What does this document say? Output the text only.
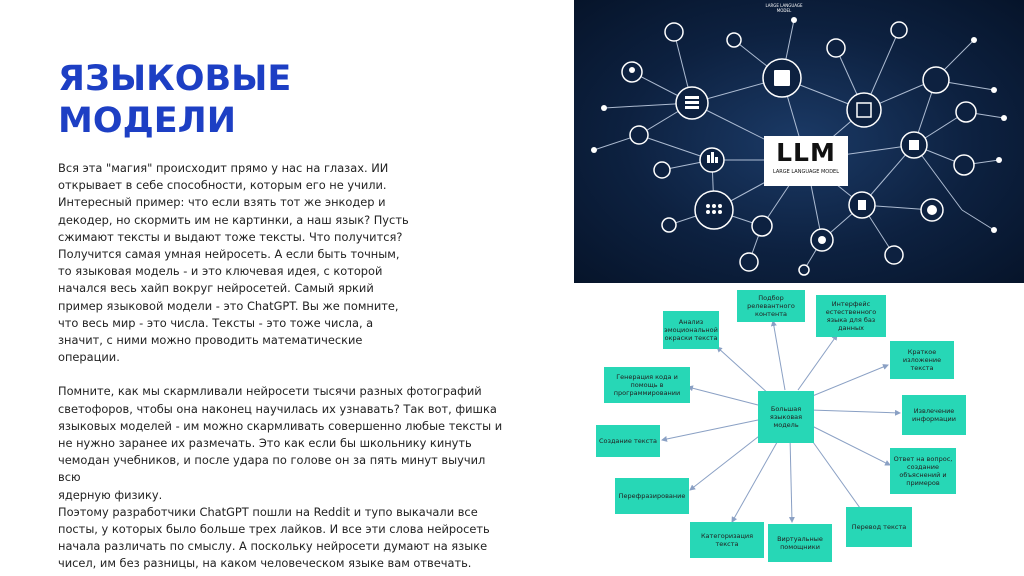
ЯЗЫКОВЫЕ
МОДЕЛИ

Вся эта "магия" происходит прямо у нас на глазах. ИИ
открывает в себе способности, которым его не учили.
Интересный пример: что если взять тот же энкодер и
декодер, но скормить им не картинки, а наш язык? Пусть
сжимают тексты и выдают тоже тексты. Что получится?
Получится самая умная нейросеть. А если быть точным,
то языковая модель - и это ключевая идея, с которой
начался весь хайп вокруг нейросетей. Самый яркий
пример языковой модели - это ChatGPT. Вы же помните,
что весь мир - это числа. Тексты - это тоже числа, а
значит, с ними можно проводить математические
операции.

Помните, как мы скармливали нейросети тысячи разных фотографий
светофоров, чтобы она наконец научилась их узнавать? Так вот, фишка
языковых моделей - им можно скармливать совершенно любые тексты и
не нужно заранее их размечать. Это как если бы школьнику кинуть
чемодан учебников, и после удара по голове он за пять минут выучил всю
ядерную физику.
Поэтому разработчики ChatGPT пошли на Reddit и тупо выкачали все
посты, у которых было больше трех лайков. И все эти слова нейросеть
начала различать по смыслу. А поскольку нейросети думают на языке
чисел, им без разницы, на каком человеческом языке вам отвечать.

LARGE LANGUAGE MODEL
LLM
LARGE LANGUAGE MODEL
Большая языковая модель
Подбор релевантного контента
Интерфейс естественного языка для баз данных
Анализ эмоциональной окраски текста
Краткое изложение текста
Генерация кода и помощь в программировании
Извлечение информации
Создание текста
Ответ на вопрос, создание объяснений и примеров
Перефразирование
Перевод текста
Категоризация текста
Виртуальные помощники
